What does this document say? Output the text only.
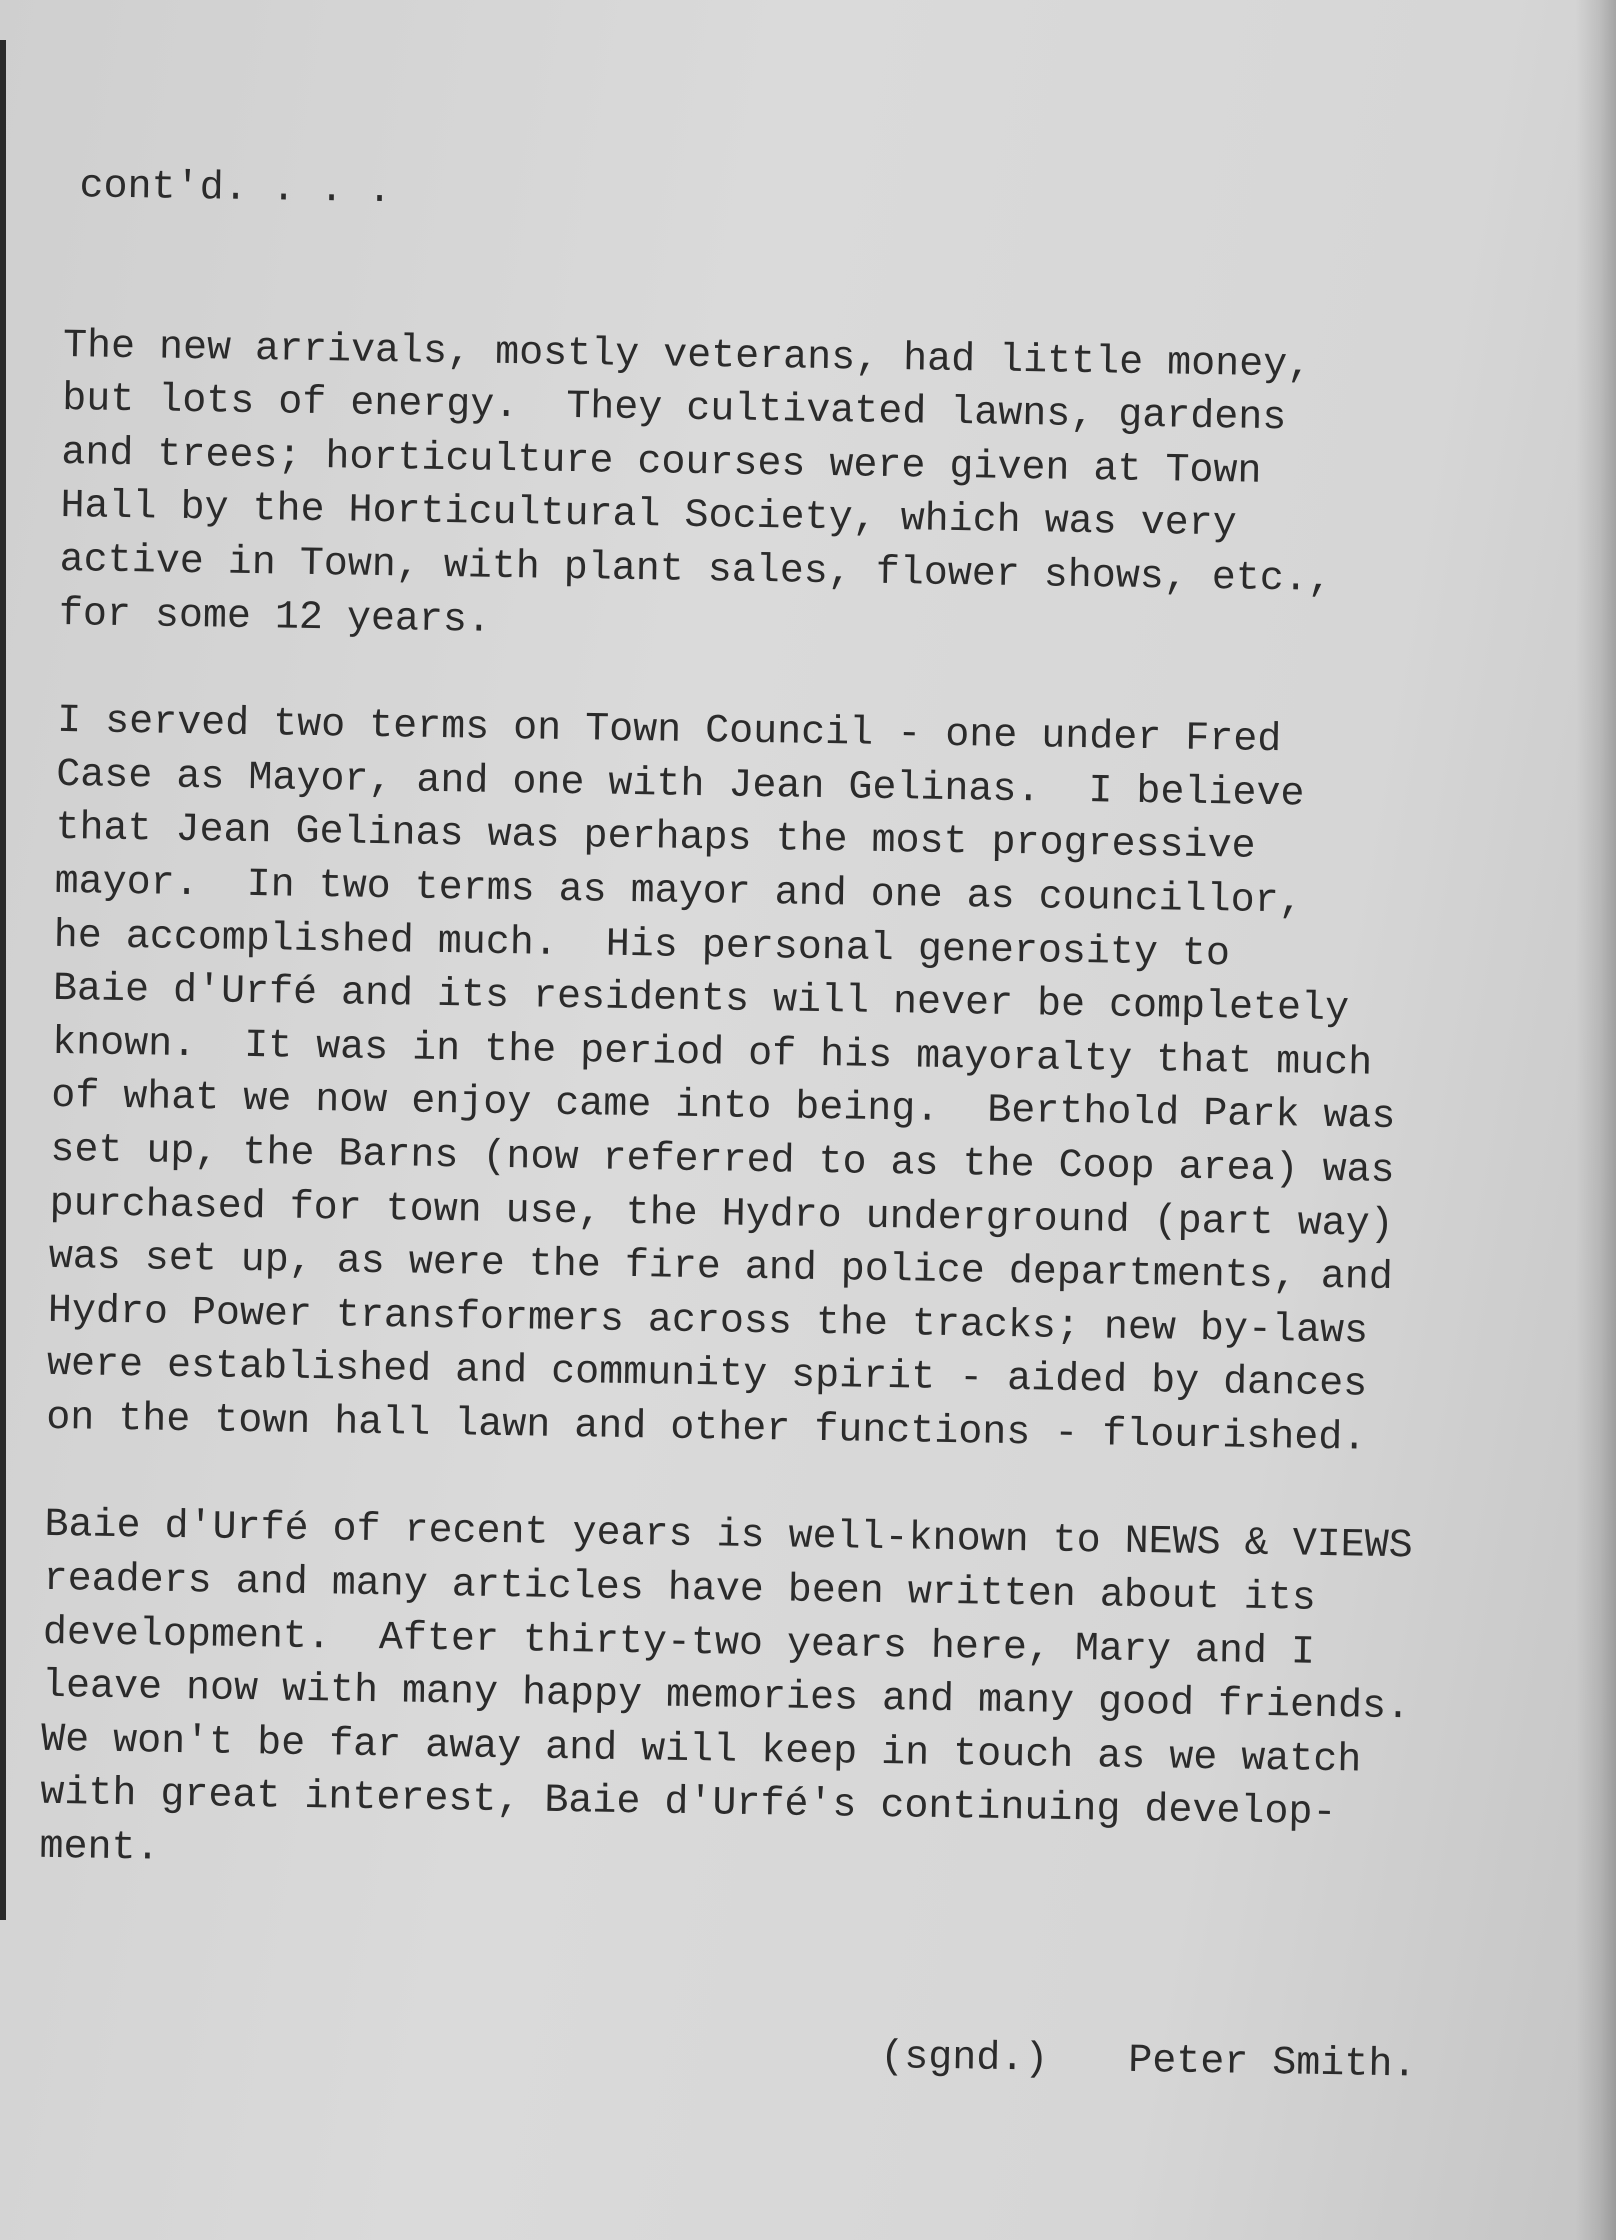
cont'd. . . .
The new arrivals, mostly veterans, had little money,
but lots of energy.  They cultivated lawns, gardens
and trees; horticulture courses were given at Town
Hall by the Horticultural Society, which was very
active in Town, with plant sales, flower shows, etc.,
for some 12 years.
I served two terms on Town Council - one under Fred
Case as Mayor, and one with Jean Gelinas.  I believe
that Jean Gelinas was perhaps the most progressive
mayor.  In two terms as mayor and one as councillor,
he accomplished much.  His personal generosity to
Baie d'Urfé and its residents will never be completely
known.  It was in the period of his mayoralty that much
of what we now enjoy came into being.  Berthold Park was
set up, the Barns (now referred to as the Coop area) was
purchased for town use, the Hydro underground (part way)
was set up, as were the fire and police departments, and
Hydro Power transformers across the tracks; new by-laws
were established and community spirit - aided by dances
on the town hall lawn and other functions - flourished.
Baie d'Urfé of recent years is well-known to NEWS & VIEWS
readers and many articles have been written about its
development.  After thirty-two years here, Mary and I
leave now with many happy memories and many good friends.
We won't be far away and will keep in touch as we watch
with great interest, Baie d'Urfé's continuing develop-
ment.

(sgnd.) Peter Smith.
